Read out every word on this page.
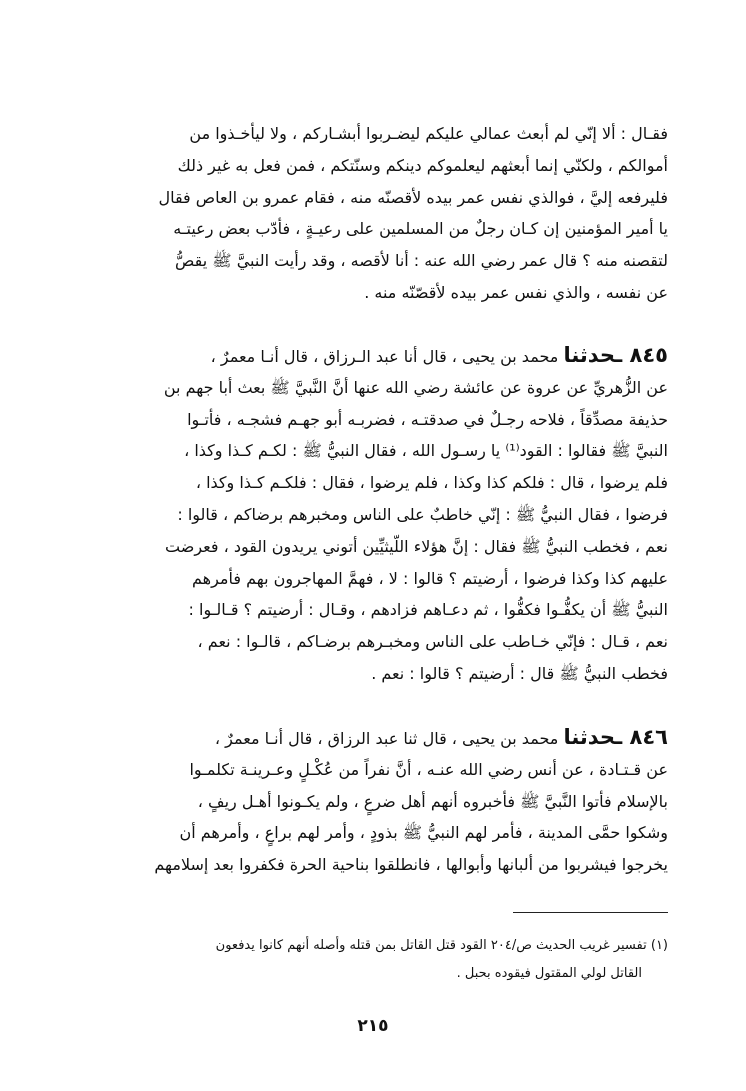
فقـال : ألا إنّي لم أبعث عمالي عليكم ليضـربوا أبشـاركم ، ولا ليأخـذوا من
أموالكم ، ولكنّي إنما أبعثهم ليعلموكم دينكم وسنّتكم ، فمن فعل به غير ذلك
فليرفعه إليَّ ، فوالذي نفس عمر بيده لأقصنّه منه ، فقام عمرو بن العاص فقال
يا أمير المؤمنين إن كـان رجلٌ من المسلمين على رعيـةٍ ، فأدّب بعض رعيتـه
لتقصنه منه ؟ قال عمر رضي الله عنه : أنا لأقصه ، وقد رأيت النبيَّ ﷺ يقصُّ
عن نفسه ، والذي نفس عمر بيده لأقصّنّه منه .
٨٤٥ ـحدثنا محمد بن يحيى ، قال أنا عبد الـرزاق ، قال أنـا معمرٌ ،
عن الزُّهريِّ عن عروة عن عائشة رضي الله عنها أنَّ النَّبيَّ ﷺ بعث أبا جهم بن
حذيفة مصدِّقاً ، فلاحه رجـلٌ في صدقتـه ، فضربـه أبو جهـم فشجـه ، فأتـوا
النبيَّ ﷺ فقالوا : القود⁽¹⁾ يا رسـول الله ، فقال النبيُّ ﷺ : لكـم كـذا وكذا ،
فلم يرضوا ، قال : فلكم كذا وكذا ، فلم يرضوا ، فقال : فلكـم كـذا وكذا ،
فرضوا ، فقال النبيُّ ﷺ : إنّي خاطبٌ على الناس ومخبرهم برضاكم ، قالوا :
نعم ، فخطب النبيُّ ﷺ فقال : إنَّ هؤلاء اللّيثيِّين أتوني يريدون القود ، فعرضت
عليهم كذا وكذا فرضوا ، أرضيتم ؟ قالوا : لا ، فهمَّ المهاجرون بهم فأمرهم
النبيُّ ﷺ أن يكفُّـوا فكفُّوا ، ثم دعـاهم فزادهم ، وقـال : أرضيتم ؟ قـالـوا :
نعم ، قـال : فإنّي خـاطب على الناس ومخبـرهم برضـاكم ، قالـوا : نعم ،
فخطب النبيُّ ﷺ قال : أرضيتم ؟ قالوا : نعم .
٨٤٦ ـحدثنا محمد بن يحيى ، قال ثنا عبد الرزاق ، قال أنـا معمرٌ ،
عن قـتـادة ، عن أنس رضي الله عنـه ، أنَّ نفراً من عُكْـلٍ وعـرينـة تكلمـوا
بالإسلام فأتوا النَّبيَّ ﷺ فأخبروه أنهم أهل ضرعٍ ، ولم يكـونوا أهـل ريفٍ ،
وشكوا حمَّى المدينة ، فأمر لهم النبيُّ ﷺ بذودٍ ، وأمر لهم براعٍ ، وأمرهم أن
يخرجوا فيشربوا من ألبانها وأبوالها ، فانطلقوا بناحية الحرة فكفروا بعد إسلامهم
(١) تفسير غريب الحديث ص/٢٠٤ القود قتل القاتل بمن قتله وأصله أنهم كانوا يدفعون
القاتل لولي المقتول فيقوده بحبل .
٢١٥
